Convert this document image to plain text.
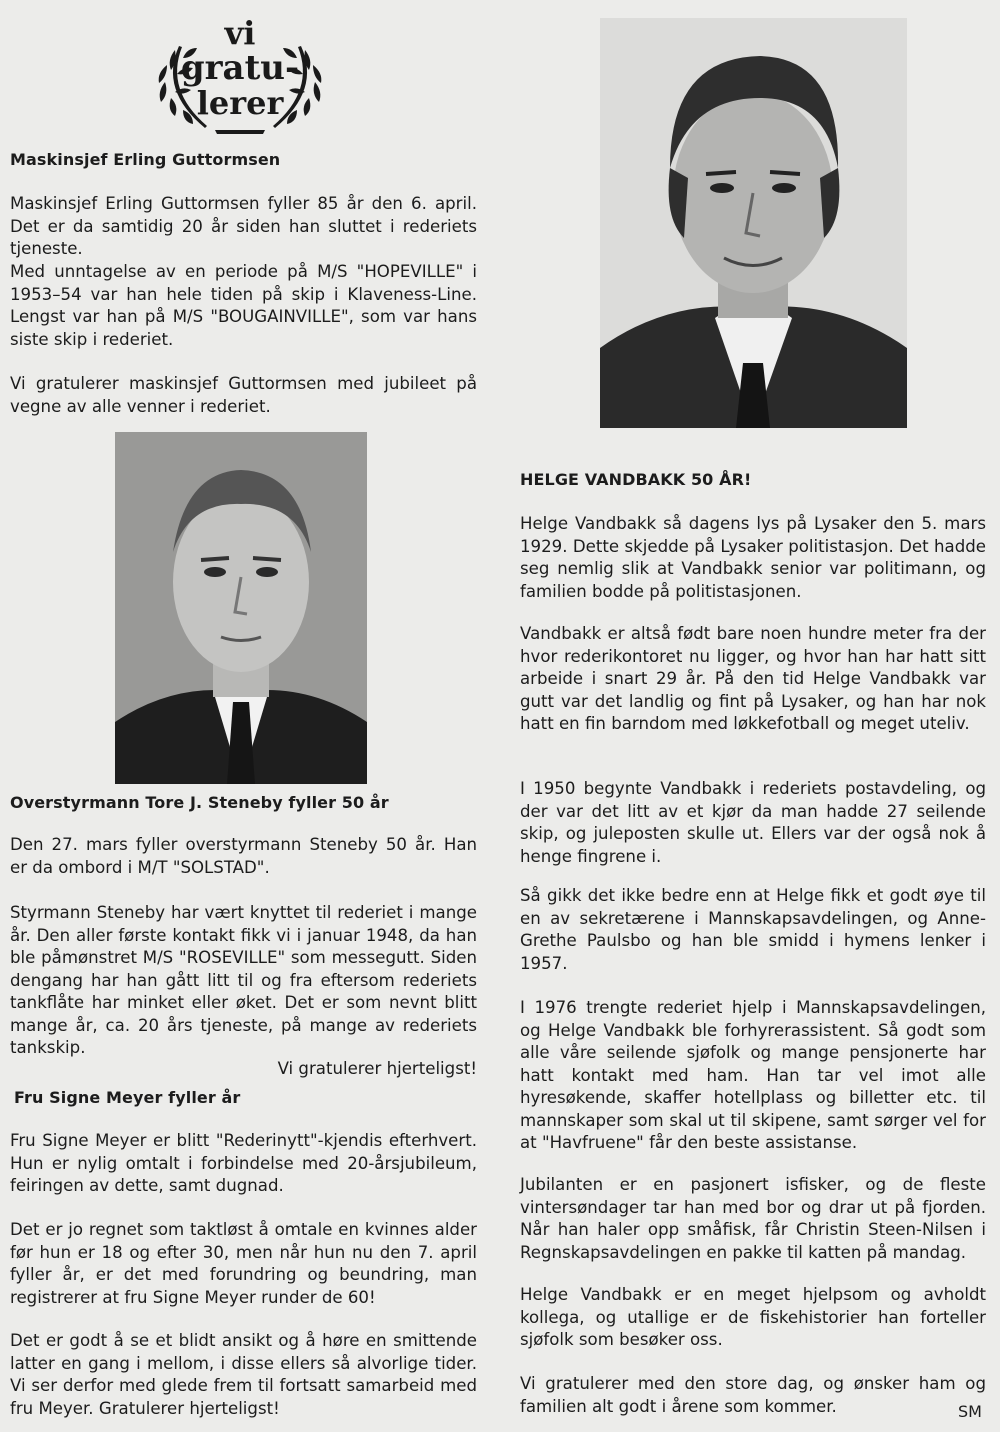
vi
gratu-
lerer
Maskinsjef Erling Guttormsen

Maskinsjef Erling Guttormsen fyller 85 år den 6. april. Det er da samtidig 20 år siden han sluttet i rederiets tjeneste.

Med unntagelse av en periode på M/S "HOPEVILLE" i 1953–54 var han hele tiden på skip i Klaveness-Line. Lengst var han på M/S "BOUGAINVILLE", som var hans siste skip i rederiet.

Vi gratulerer maskinsjef Guttormsen med jubileet på vegne av alle venner i rederiet.

Overstyrmann Tore J. Steneby fyller 50 år

Den 27. mars fyller overstyrmann Steneby 50 år. Han er da ombord i M/T "SOLSTAD".

Styrmann Steneby har vært knyttet til rederiet i mange år. Den aller første kontakt fikk vi i januar 1948, da han ble påmønstret M/S "ROSEVILLE" som messegutt. Siden dengang har han gått litt til og fra eftersom rederiets tankflåte har minket eller øket. Det er som nevnt blitt mange år, ca. 20 års tjeneste, på mange av rederiets tankskip.

Vi gratulerer hjerteligst!

Fru Signe Meyer fyller år

Fru Signe Meyer er blitt "Rederinytt"-kjendis efterhvert. Hun er nylig omtalt i forbindelse med 20-årsjubileum, feiringen av dette, samt dugnad.

Det er jo regnet som taktløst å omtale en kvinnes alder før hun er 18 og efter 30, men når hun nu den 7. april fyller år, er det med forundring og beundring, man registrerer at fru Signe Meyer runder de 60!

Det er godt å se et blidt ansikt og å høre en smittende latter en gang i mellom, i disse ellers så alvorlige tider. Vi ser derfor med glede frem til fortsatt samarbeid med fru Meyer. Gratulerer hjerteligst!

HELGE VANDBAKK 50 ÅR!

Helge Vandbakk så dagens lys på Lysaker den 5. mars 1929. Dette skjedde på Lysaker politistasjon. Det hadde seg nemlig slik at Vandbakk senior var politimann, og familien bodde på politistasjonen.

Vandbakk er altså født bare noen hundre meter fra der hvor rederikontoret nu ligger, og hvor han har hatt sitt arbeide i snart 29 år. På den tid Helge Vandbakk var gutt var det landlig og fint på Lysaker, og han har nok hatt en fin barndom med løkkefotball og meget uteliv.

I 1950 begynte Vandbakk i rederiets postavdeling, og der var det litt av et kjør da man hadde 27 seilende skip, og juleposten skulle ut. Ellers var der også nok å henge fingrene i.

Så gikk det ikke bedre enn at Helge fikk et godt øye til en av sekretærene i Mannskapsavdelingen, og Anne-Grethe Paulsbo og han ble smidd i hymens lenker i 1957.

I 1976 trengte rederiet hjelp i Mannskapsavdelingen, og Helge Vandbakk ble forhyrerassistent. Så godt som alle våre seilende sjøfolk og mange pensjonerte har hatt kontakt med ham. Han tar vel imot alle hyresøkende, skaffer hotellplass og billetter etc. til mannskaper som skal ut til skipene, samt sørger vel for at "Havfruene" får den beste assistanse.

Jubilanten er en pasjonert isfisker, og de fleste vintersøndager tar han med bor og drar ut på fjorden. Når han haler opp småfisk, får Christin Steen-Nilsen i Regnskapsavdelingen en pakke til katten på mandag.

Helge Vandbakk er en meget hjelpsom og avholdt kollega, og utallige er de fiskehistorier han forteller sjøfolk som besøker oss.

Vi gratulerer med den store dag, og ønsker ham og familien alt godt i årene som kommer.	SM
